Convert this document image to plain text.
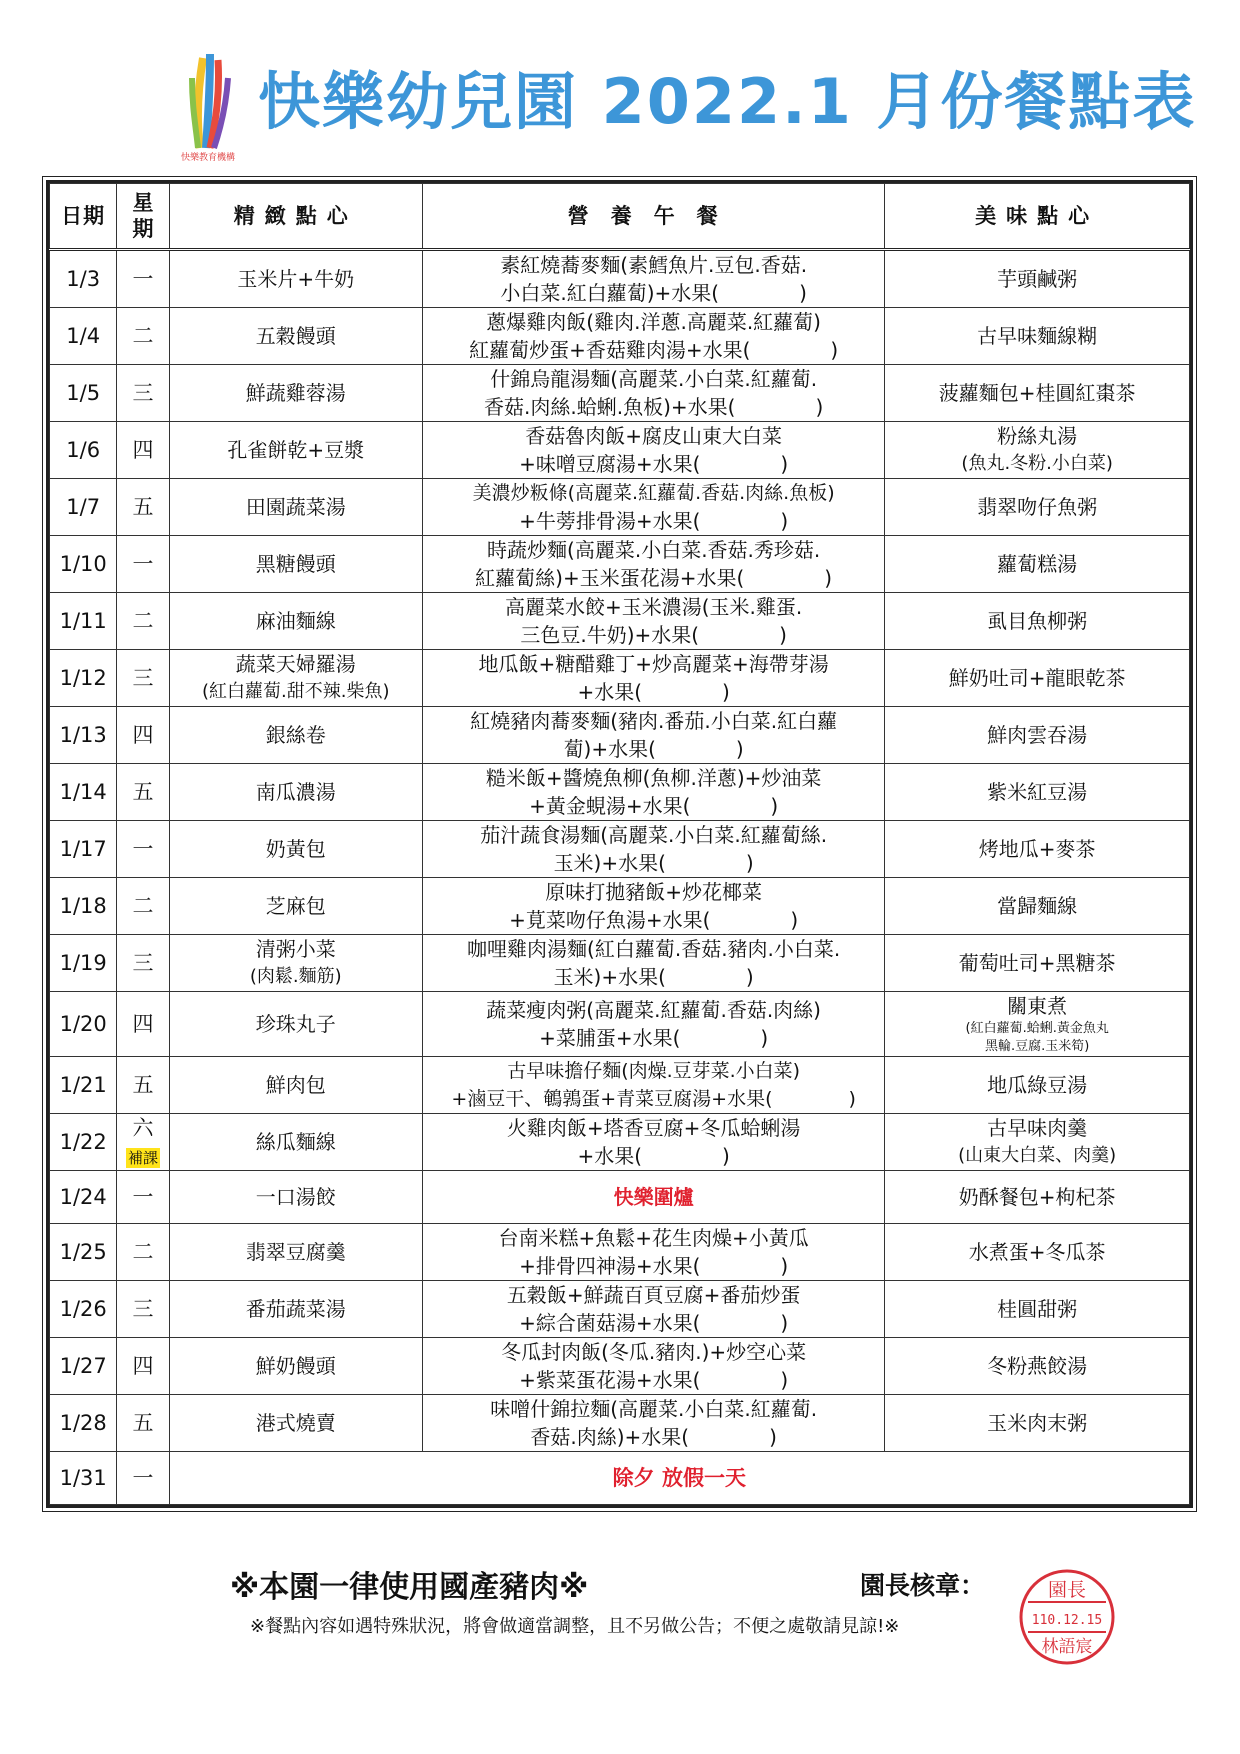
快樂教育機構
快樂幼兒園 2022.1 月份餐點表
日期	星期	精緻點心	營養午餐	美味點心
1/3	一	玉米片+牛奶	素紅燒蕎麥麵(素鱈魚片.豆包.香菇.
小白菜.紅白蘿蔔)+水果(　　　　)	芋頭鹹粥

1/4	二	五穀饅頭	蔥爆雞肉飯(雞肉.洋蔥.高麗菜.紅蘿蔔)
紅蘿蔔炒蛋+香菇雞肉湯+水果(　　　　)	古早味麵線糊

1/5	三	鮮蔬雞蓉湯	什錦烏龍湯麵(高麗菜.小白菜.紅蘿蔔.
香菇.肉絲.蛤蜊.魚板)+水果(　　　　)	菠蘿麵包+桂圓紅棗茶

1/6	四	孔雀餅乾+豆漿	香菇魯肉飯+腐皮山東大白菜
+味噌豆腐湯+水果(　　　　)	粉絲丸湯
(魚丸.冬粉.小白菜)

1/7	五	田園蔬菜湯	美濃炒粄條(高麗菜.紅蘿蔔.香菇.肉絲.魚板)
+牛蒡排骨湯+水果(　　　　)	翡翠吻仔魚粥

1/10	一	黑糖饅頭	時蔬炒麵(高麗菜.小白菜.香菇.秀珍菇.
紅蘿蔔絲)+玉米蛋花湯+水果(　　　　)	蘿蔔糕湯

1/11	二	麻油麵線	高麗菜水餃+玉米濃湯(玉米.雞蛋.
三色豆.牛奶)+水果(　　　　)	虱目魚柳粥

1/12	三	蔬菜天婦羅湯
(紅白蘿蔔.甜不辣.柴魚)	地瓜飯+糖醋雞丁+炒高麗菜+海帶芽湯
+水果(　　　　)	鮮奶吐司+龍眼乾茶

1/13	四	銀絲卷	紅燒豬肉蕎麥麵(豬肉.番茄.小白菜.紅白蘿
蔔)+水果(　　　　)	鮮肉雲吞湯

1/14	五	南瓜濃湯	糙米飯+醬燒魚柳(魚柳.洋蔥)+炒油菜
+黃金蜆湯+水果(　　　　)	紫米紅豆湯

1/17	一	奶黃包	茄汁蔬食湯麵(高麗菜.小白菜.紅蘿蔔絲.
玉米)+水果(　　　　)	烤地瓜+麥茶

1/18	二	芝麻包	原味打拋豬飯+炒花椰菜
+莧菜吻仔魚湯+水果(　　　　)	當歸麵線

1/19	三	清粥小菜
(肉鬆.麵筋)	咖哩雞肉湯麵(紅白蘿蔔.香菇.豬肉.小白菜.
玉米)+水果(　　　　)	葡萄吐司+黑糖茶

1/20	四	珍珠丸子	蔬菜瘦肉粥(高麗菜.紅蘿蔔.香菇.肉絲)
+菜脯蛋+水果(　　　　)	關東煮
(紅白蘿蔔.蛤蜊.黃金魚丸
黑輪.豆腐.玉米筍)

1/21	五	鮮肉包	古早味擔仔麵(肉燥.豆芽菜.小白菜)
+滷豆干、鵪鶉蛋+青菜豆腐湯+水果(　　　　)	地瓜綠豆湯

1/22	六
補課	絲瓜麵線	火雞肉飯+塔香豆腐+冬瓜蛤蜊湯
+水果(　　　　)	古早味肉羹
(山東大白菜、肉羹)

1/24	一	一口湯餃	快樂圍爐	奶酥餐包+枸杞茶

1/25	二	翡翠豆腐羹	台南米糕+魚鬆+花生肉燥+小黃瓜
+排骨四神湯+水果(　　　　)	水煮蛋+冬瓜茶

1/26	三	番茄蔬菜湯	五穀飯+鮮蔬百頁豆腐+番茄炒蛋
+綜合菌菇湯+水果(　　　　)	桂圓甜粥

1/27	四	鮮奶饅頭	冬瓜封肉飯(冬瓜.豬肉.)+炒空心菜
+紫菜蛋花湯+水果(　　　　)	冬粉燕餃湯

1/28	五	港式燒賣	味噌什錦拉麵(高麗菜.小白菜.紅蘿蔔.
香菇.肉絲)+水果(　　　　)	玉米肉末粥

1/31	一	除夕 放假一天		
※本園一律使用國產豬肉※	園長核章：
※餐點內容如遇特殊狀況，將會做適當調整，且不另做公告；不便之處敬請見諒!※
園長
110.12.15
林語宸
